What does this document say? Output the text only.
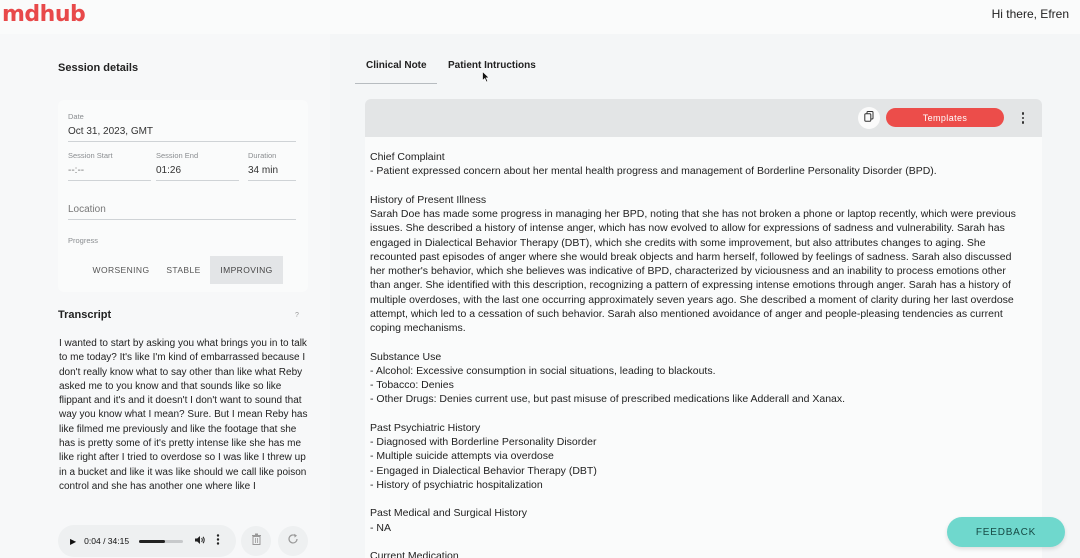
mdhub	Hi there, Efren
Session details
Date
Oct 31, 2023, GMT
Session Start
--:--
Session End
01:26
Duration
34 min
Location
Progress
WORSENING	STABLE	IMPROVING
Transcript	?
I wanted to start by asking you what brings you in to talk to me today? It's like I'm kind of embarrassed because I don't really know what to say other than like what Reby asked me to you know and that sounds like so like flippant and it's and it doesn't I don't want to sound that way you know what I mean? Sure. But I mean Reby has like filmed me previously and like the footage that she has is pretty some of it's pretty intense like she has me like right after I tried to overdose so I was like I threw up in a bucket and like it was like should we call like poison control and she has another one where like I
▶ 0:04 / 34:15
Clinical Note Patient Intructions
Templates
Chief Complaint
- Patient expressed concern about her mental health progress and management of Borderline Personality Disorder (BPD).
History of Present Illness
Sarah Doe has made some progress in managing her BPD, noting that she has not broken a phone or laptop recently, which were previous
issues. She described a history of intense anger, which has now evolved to allow for expressions of sadness and vulnerability. Sarah has
engaged in Dialectical Behavior Therapy (DBT), which she credits with some improvement, but also attributes changes to aging. She
recounted past episodes of anger where she would break objects and harm herself, followed by feelings of sadness. Sarah also discussed
her mother's behavior, which she believes was indicative of BPD, characterized by viciousness and an inability to process emotions other
than anger. She identified with this description, recognizing a pattern of expressing intense emotions through anger. Sarah has a history of
multiple overdoses, with the last one occurring approximately seven years ago. She described a moment of clarity during her last overdose
attempt, which led to a cessation of such behavior. Sarah also mentioned avoidance of anger and people-pleasing tendencies as current
coping mechanisms.
Substance Use
- Alcohol: Excessive consumption in social situations, leading to blackouts.
- Tobacco: Denies
- Other Drugs: Denies current use, but past misuse of prescribed medications like Adderall and Xanax.
Past Psychiatric History
- Diagnosed with Borderline Personality Disorder
- Multiple suicide attempts via overdose
- Engaged in Dialectical Behavior Therapy (DBT)
- History of psychiatric hospitalization
Past Medical and Surgical History
- NA
Current Medication
FEEDBACK
